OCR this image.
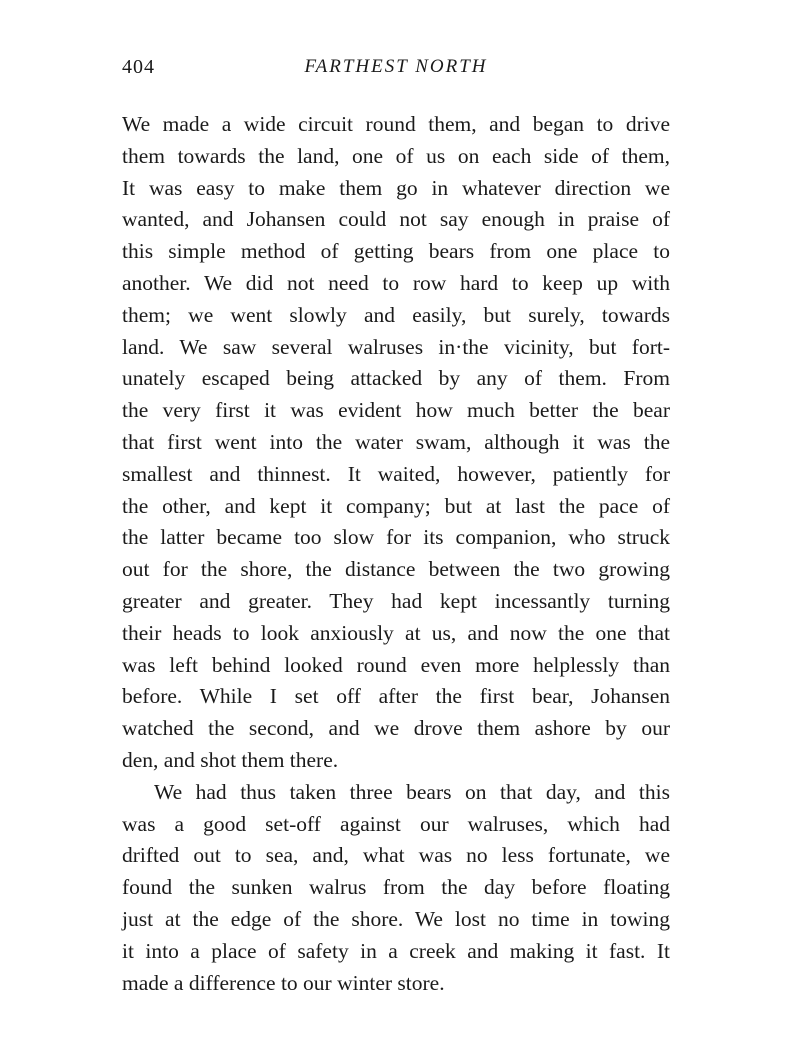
404	FARTHEST NORTH
We made a wide circuit round them, and began to drive
them towards the land, one of us on each side of them,
It was easy to make them go in whatever direction we
wanted, and Johansen could not say enough in praise of
this simple method of getting bears from one place to
another. We did not need to row hard to keep up with
them; we went slowly and easily, but surely, towards
land. We saw several walruses in·the vicinity, but fort-
unately escaped being attacked by any of them. From
the very first it was evident how much better the bear
that first went into the water swam, although it was the
smallest and thinnest. It waited, however, patiently for
the other, and kept it company; but at last the pace of
the latter became too slow for its companion, who struck
out for the shore, the distance between the two growing
greater and greater. They had kept incessantly turning
their heads to look anxiously at us, and now the one that
was left behind looked round even more helplessly than
before. While I set off after the first bear, Johansen
watched the second, and we drove them ashore by our
den, and shot them there.
We had thus taken three bears on that day, and this
was a good set-off against our walruses, which had
drifted out to sea, and, what was no less fortunate, we
found the sunken walrus from the day before floating
just at the edge of the shore. We lost no time in towing
it into a place of safety in a creek and making it fast. It
made a difference to our winter store.
